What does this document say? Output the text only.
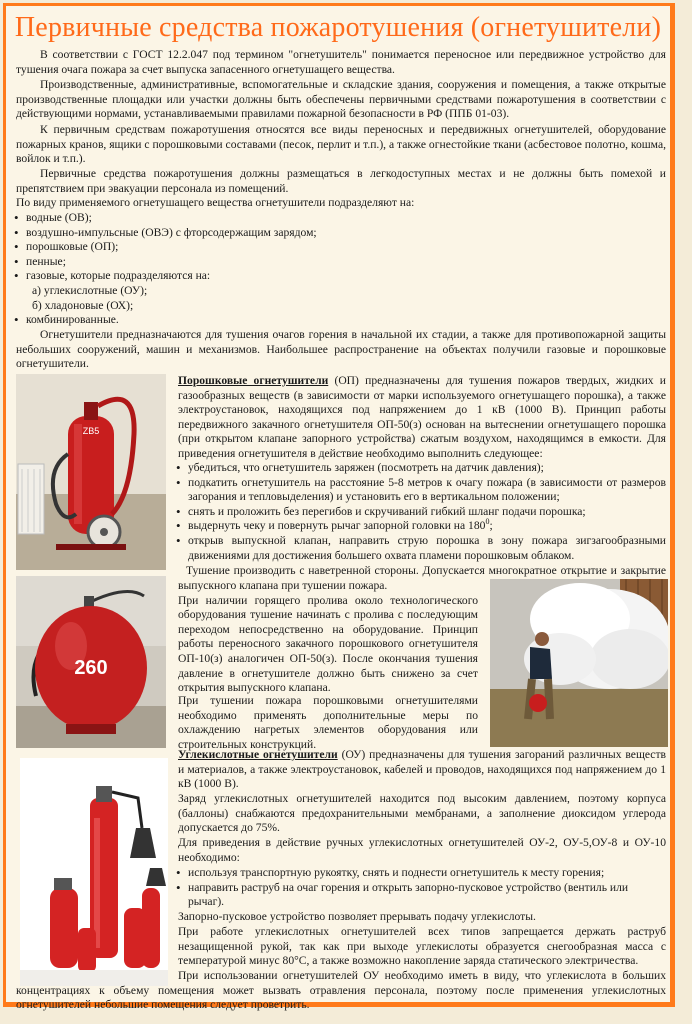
Первичные средства пожаротушения (огнетушители)

В соответствии с ГОСТ 12.2.047 под термином "огнетушитель" понимается переносное или передвижное устройство для тушения очага пожара за счет выпуска запасенного огнетушащего вещества.

Производственные, административные, вспомогательные и складские здания, сооружения и помещения, а также открытые производственные площадки или участки должны быть обеспечены первичными средствами пожаротушения в соответствии с действующими нормами, устанавливаемыми правилами пожарной безопасности в РФ (ППБ 01-03).

К первичным средствам пожаротушения относятся все виды переносных и передвижных огнетушителей, оборудование пожарных кранов, ящики с порошковыми составами (песок, перлит и т.п.), а также огнестойкие ткани (асбестовое полотно, кошма, войлок и т.п.).

Первичные средства пожаротушения должны размещаться в легкодоступных местах и не должны быть помехой и препятствием при эвакуации персонала из помещений.

По виду применяемого огнетушащего вещества огнетушители подразделяют на:

• водные (ОВ);
• воздушно-импульсные (ОВЭ) с фторсодержащим зарядом;
• порошковые (ОП);
• пенные;
• газовые, которые подразделяются на:
а) углекислотные (ОУ);
б) хладоновые (ОХ);
• комбинированные.

Огнетушители предназначаются для тушения очагов горения в начальной их стадии, а также для противопожарной защиты небольших сооружений, машин и механизмов. Наибольшее распространение на объектах получили газовые и порошковые огнетушители.

ZB5

Порошковые огнетушители (ОП) предназначены для тушения пожаров твердых, жидких и газообразных веществ (в зависимости от марки используемого огнетушащего порошка), а также электроустановок, находящихся под напряжением до 1 кВ (1000 В). Принцип работы передвижного закачного огнетушителя ОП-50(з) основан на вытеснении огнетушащего порошка (при открытом клапане запорного устройства) сжатым воздухом, находящимся в емкости. Для приведения огнетушителя в действие необходимо выполнить следующее:

• убедиться, что огнетушитель заряжен (посмотреть на датчик давления);
• подкатить огнетушитель на расстояние 5-8 метров к очагу пожара (в зависимости от размеров загорания и тепловыделения) и установить его в вертикальном положении;
• снять и проложить без перегибов и скручиваний гибкий шланг подачи порошка;
• выдернуть чеку и повернуть рычаг запорной головки на $180^0$;
• открыв выпускной клапан, направить струю порошка в зону пожара зигзагообразными движениями для достижения большего охвата пламени порошковым облаком.
260

Тушение производить с наветренной стороны. Допускается многократное открытие и закрытие выпускного клапана при тушении пожара.

При наличии горящего пролива около технологического оборудования тушение начинать с пролива с последующим переходом непосредственно на оборудование. Принцип работы переносного закачного порошкового огнетушителя ОП-10(з) аналогичен ОП-50(з). После окончания тушения давление в огнетушителе должно быть снижено за счет открытия выпускного клапана.

Углекислотные огнетушители (ОУ) предназначены для тушения загораний различных веществ и материалов, а также электроустановок, кабелей и проводов, находящихся под напряжением до 1 кВ (1000 В).

Заряд углекислотных огнетушителей находится под высоким давлением, поэтому корпуса (баллоны) снабжаются предохранительными мембранами, а заполнение диоксидом углерода допускается до 75%.

Для приведения в действие ручных углекислотных огнетушителей ОУ-2, ОУ-5,ОУ-8 и ОУ-10 необходимо:

• используя транспортную рукоятку, снять и поднести огнетушитель к месту горения;
• направить раструб на очаг горения и открыть запорно-пусковое устройство (вентиль или рычаг).

Запорно-пусковое устройство позволяет прерывать подачу углекислоты.

При работе углекислотных огнетушителей всех типов запрещается держать раструб незащищенной рукой, так как при выходе углекислоты образуется снегообразная масса с температурой минус 80°С, а также возможно накопление заряда статического электричества.

При использовании огнетушителей ОУ необходимо иметь в виду, что углекислота в больших концентрациях к объему помещения может вызвать отравления персонала, поэтому после применения углекислотных огнетушителей небольшие помещения следует проветрить.

При тушении пожара порошковыми огнетушителями необходимо применять дополнительные меры по охлаждению нагретых элементов оборудования или строительных конструкций.
